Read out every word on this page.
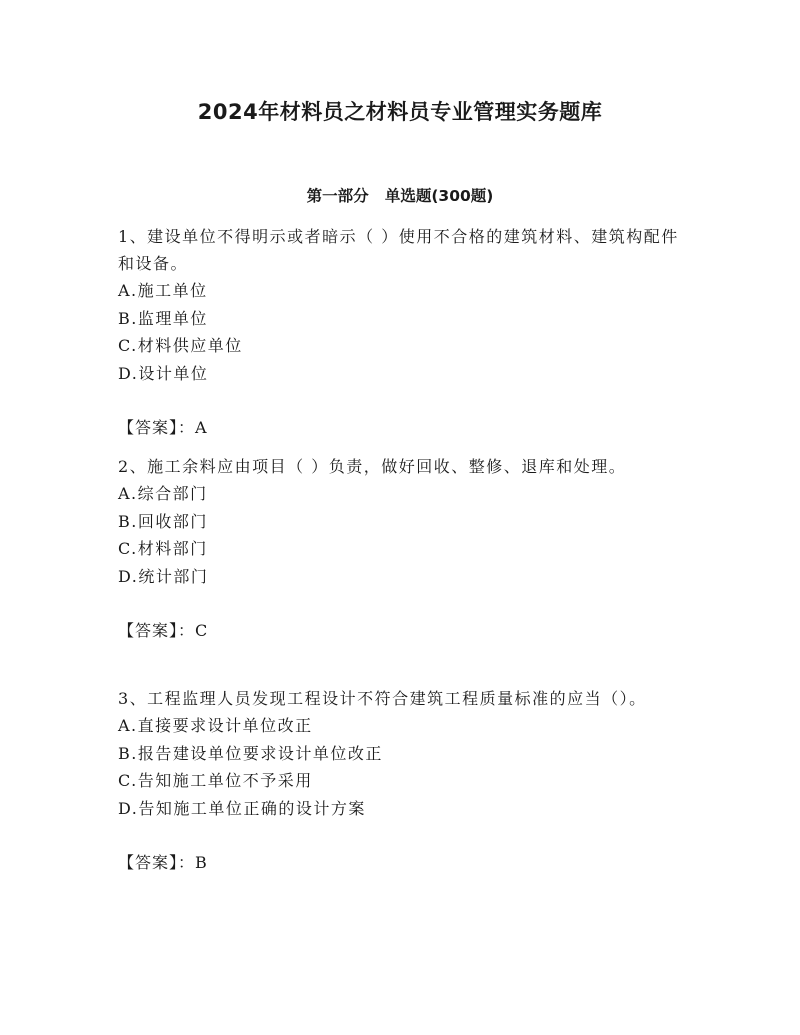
2024年材料员之材料员专业管理实务题库
第一部分   单选题(300题)

1、建设单位不得明示或者暗示（ ）使用不合格的建筑材料、建筑构配件和设备。

A.施工单位
B.监理单位
C.材料供应单位
D.设计单位
【答案】：A

2、施工余料应由项目（ ）负责，做好回收、整修、退库和处理。

A.综合部门
B.回收部门
C.材料部门
D.统计部门
【答案】：C

3、工程监理人员发现工程设计不符合建筑工程质量标准的应当（）。

A.直接要求设计单位改正
B.报告建设单位要求设计单位改正
C.告知施工单位不予采用
D.告知施工单位正确的设计方案
【答案】：B
